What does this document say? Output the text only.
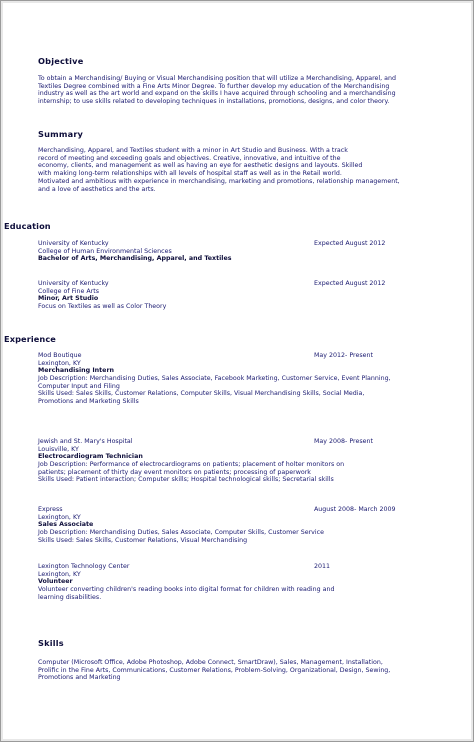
Objective
To obtain a Merchandising/ Buying or Visual Merchandising position that will utilize a Merchandising, Apparel, and
Textiles Degree combined with a Fine Arts Minor Degree. To further develop my education of the Merchandising
industry as well as the art world and expand on the skills I have acquired through schooling and a merchandising
internship; to use skills related to developing techniques in installations, promotions, designs, and color theory.
Summary
Merchandising, Apparel, and Textiles student with a minor in Art Studio and Business. With a track
record of meeting and exceeding goals and objectives. Creative, innovative, and intuitive of the
economy, clients, and management as well as having an eye for aesthetic designs and layouts. Skilled
with making long-term relationships with all levels of hospital staff as well as in the Retail world.
Motivated and ambitious with experience in merchandising, marketing and promotions, relationship management,
and a love of aesthetics and the arts.
Education
University of Kentucky	Expected August 2012
College of Human Environmental Sciences
Bachelor of Arts, Merchandising, Apparel, and Textiles
University of Kentucky	Expected August 2012
College of Fine Arts
Minor, Art Studio
Focus on Textiles as well as Color Theory
Experience
Mod Boutique	May 2012- Present
Lexington, KY
Merchandising Intern
Job Description: Merchandising Duties, Sales Associate, Facebook Marketing, Customer Service, Event Planning,
Computer Input and Filing
Skills Used: Sales Skills, Customer Relations, Computer Skills, Visual Merchandising Skills, Social Media,
Promotions and Marketing Skills
Jewish and St. Mary's Hospital	May 2008- Present
Louisville, KY
Electrocardiogram Technician
Job Description: Performance of electrocardiograms on patients; placement of holter monitors on
patients; placement of thirty day event monitors on patients; processing of paperwork
Skills Used: Patient interaction; Computer skills; Hospital technological skills; Secretarial skills
Express	August 2008- March 2009
Lexington, KY
Sales Associate
Job Description: Merchandising Duties, Sales Associate, Computer Skills, Customer Service
Skills Used: Sales Skills, Customer Relations, Visual Merchandising
Lexington Technology Center	2011
Lexington, KY
Volunteer
Volunteer converting children's reading books into digital format for children with reading and
learning disabilities.
Skills
Computer (Microsoft Office, Adobe Photoshop, Adobe Connect, SmartDraw), Sales, Management, Installation,
Prolific in the Fine Arts, Communications, Customer Relations, Problem-Solving, Organizational, Design, Sewing,
Promotions and Marketing
